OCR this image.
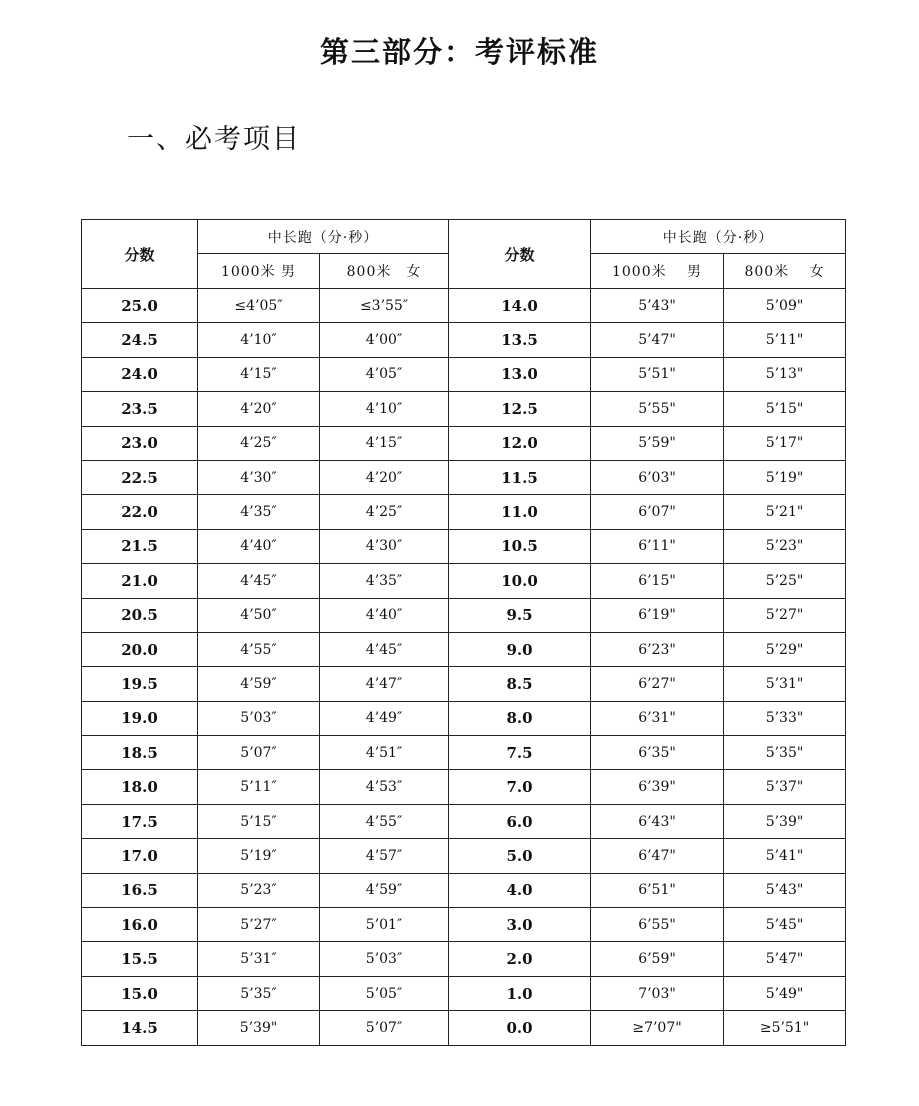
第三部分：考评标准
一、必考项目
分数	中长跑（分·秒）		分数	中长跑（分·秒）	
	1000米 男	800米　女		1000米　 男	800米　 女
25.0	≤4’05″	≤3’55″	14.0	5’43"	5’09"
24.5	4’10″	4’00″	13.5	5’47"	5’11"
24.0	4’15″	4’05″	13.0	5’51"	5’13"
23.5	4’20″	4’10″	12.5	5’55"	5’15"
23.0	4’25″	4’15″	12.0	5’59"	5’17"
22.5	4’30″	4’20″	11.5	6’03"	5’19"
22.0	4’35″	4’25″	11.0	6’07"	5’21"
21.5	4’40″	4’30″	10.5	6’11"	5’23"
21.0	4’45″	4’35″	10.0	6’15"	5’25"
20.5	4’50″	4’40″	9.5	6’19"	5’27"
20.0	4’55″	4’45″	9.0	6’23"	5’29"
19.5	4’59″	4’47″	8.5	6’27"	5’31"
19.0	5’03″	4’49″	8.0	6’31"	5’33"
18.5	5’07″	4’51″	7.5	6’35"	5’35"
18.0	5’11″	4’53″	7.0	6’39"	5’37"
17.5	5’15″	4’55″	6.0	6’43"	5’39"
17.0	5’19″	4’57″	5.0	6’47"	5’41"
16.5	5’23″	4’59″	4.0	6’51"	5’43"
16.0	5’27″	5’01″	3.0	6’55"	5’45"
15.5	5’31″	5’03″	2.0	6’59"	5’47"
15.0	5’35″	5’05″	1.0	7’03"	5’49"
14.5	5’39"	5’07″	0.0	≥7’07"	≥5’51"
